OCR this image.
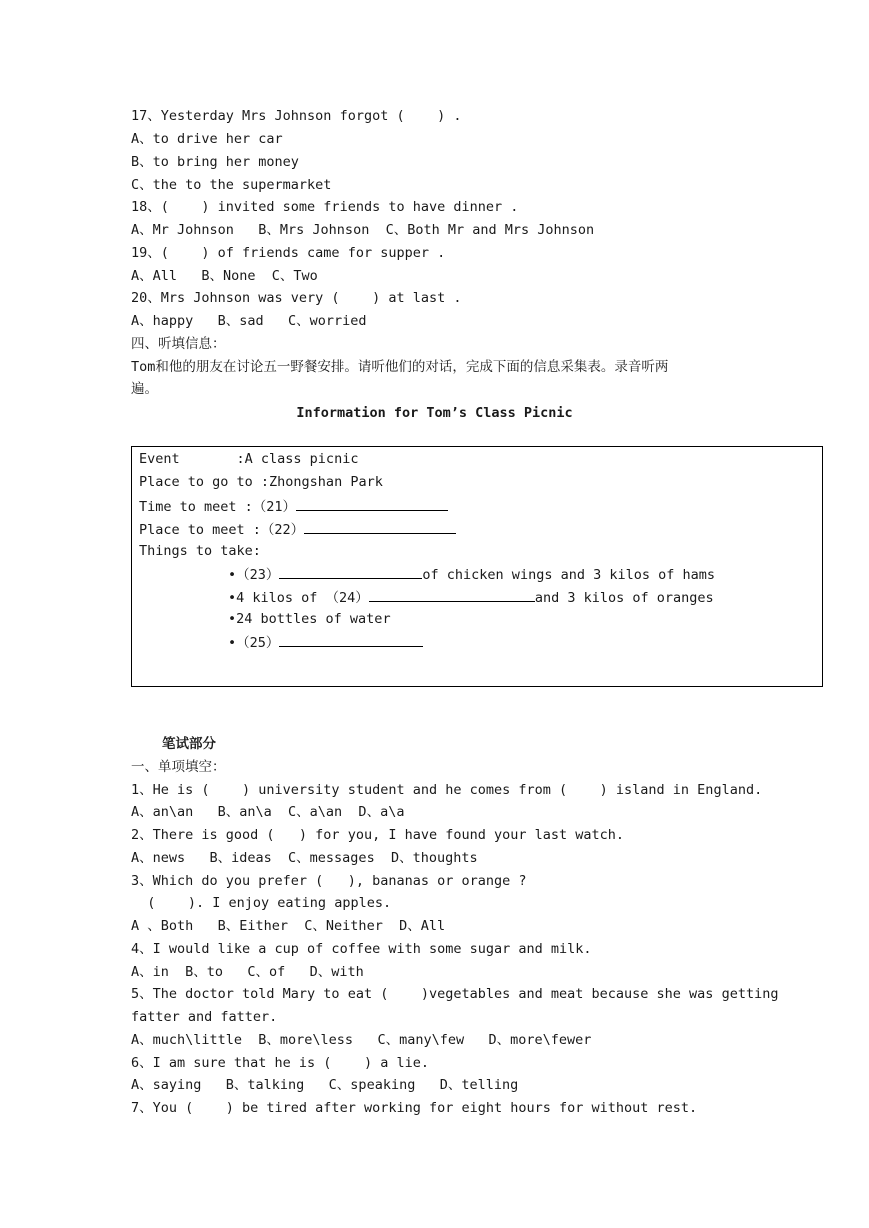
17、Yesterday Mrs Johnson forgot (    ) .
A、to drive her car
B、to bring her money
C、the to the supermarket
18、(    ) invited some friends to have dinner .
A、Mr Johnson   B、Mrs Johnson  C、Both Mr and Mrs Johnson
19、(    ) of friends came for supper .
A、All   B、None  C、Two
20、Mrs Johnson was very (    ) at last .
A、happy   B、sad   C、worried
四、听填信息：
Tom和他的朋友在讨论五一野餐安排。请听他们的对话，完成下面的信息采集表。录音听两
遍。
Information for Tom’s Class Picnic
Event       :A class picnic
Place to go to :Zhongshan Park
Time to meet :（21）
Place to meet :（22）
Things to take:
•（23）	of chicken wings and 3 kilos of hams
•4 kilos of （24）	and 3 kilos of oranges
•24 bottles of water
•（25）
笔试部分
一、单项填空：
1、He is (    ) university student and he comes from (    ) island in England.
A、an\an   B、an\a  C、a\an  D、a\a
2、There is good (   ) for you, I have found your last watch.
A、news   B、ideas  C、messages  D、thoughts
3、Which do you prefer (   ), bananas or orange ?
(    ). I enjoy eating apples.
A 、Both   B、Either  C、Neither  D、All
4、I would like a cup of coffee with some sugar and milk.
A、in  B、to   C、of   D、with
5、The doctor told Mary to eat (    )vegetables and meat because she was getting
fatter and fatter.
A、much\little  B、more\less   C、many\few   D、more\fewer
6、I am sure that he is (    ) a lie.
A、saying   B、talking   C、speaking   D、telling
7、You (    ) be tired after working for eight hours for without rest.
